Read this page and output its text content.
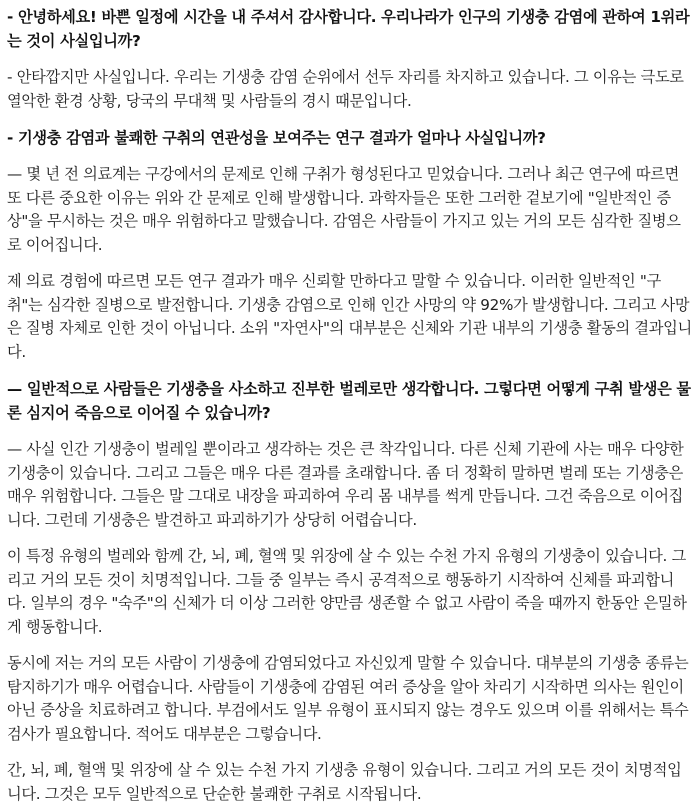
- 안녕하세요! 바쁜 일정에 시간을 내 주셔서 감사합니다. 우리나라가 인구의 기생충 감염에 관하여 1위라는 것이 사실입니까?

- 안타깝지만 사실입니다. 우리는 기생충 감염 순위에서 선두 자리를 차지하고 있습니다. 그 이유는 극도로 열악한 환경 상황, 당국의 무대책 및 사람들의 경시 때문입니다.

- 기생충 감염과 불쾌한 구취의 연관성을 보여주는 연구 결과가 얼마나 사실입니까?

— 몇 년 전 의료계는 구강에서의 문제로 인해 구취가 형성된다고 믿었습니다. 그러나 최근 연구에 따르면 또 다른 중요한 이유는 위와 간 문제로 인해 발생합니다. 과학자들은 또한 그러한 겉보기에 "일반적인 증상"을 무시하는 것은 매우 위험하다고 말했습니다. 감염은 사람들이 가지고 있는 거의 모든 심각한 질병으로 이어집니다.

제 의료 경험에 따르면 모든 연구 결과가 매우 신뢰할 만하다고 말할 수 있습니다. 이러한 일반적인 "구취"는 심각한 질병으로 발전합니다. 기생충 감염으로 인해 인간 사망의 약 92%가 발생합니다. 그리고 사망은 질병 자체로 인한 것이 아닙니다. 소위 "자연사"의 대부분은 신체와 기관 내부의 기생충 활동의 결과입니다.

— 일반적으로 사람들은 기생충을 사소하고 진부한 벌레로만 생각합니다. 그렇다면 어떻게 구취 발생은 물론 심지어 죽음으로 이어질 수 있습니까?

— 사실 인간 기생충이 벌레일 뿐이라고 생각하는 것은 큰 착각입니다. 다른 신체 기관에 사는 매우 다양한 기생충이 있습니다. 그리고 그들은 매우 다른 결과를 초래합니다. 좀 더 정확히 말하면 벌레 또는 기생충은 매우 위험합니다. 그들은 말 그대로 내장을 파괴하여 우리 몸 내부를 썩게 만듭니다. 그건 죽음으로 이어집니다. 그런데 기생충은 발견하고 파괴하기가 상당히 어렵습니다.

이 특정 유형의 벌레와 함께 간, 뇌, 폐, 혈액 및 위장에 살 수 있는 수천 가지 유형의 기생충이 있습니다. 그리고 거의 모든 것이 치명적입니다. 그들 중 일부는 즉시 공격적으로 행동하기 시작하여 신체를 파괴합니다. 일부의 경우 "숙주"의 신체가 더 이상 그러한 양만큼 생존할 수 없고 사람이 죽을 때까지 한동안 은밀하게 행동합니다.

동시에 저는 거의 모든 사람이 기생충에 감염되었다고 자신있게 말할 수 있습니다. 대부분의 기생충 종류는 탐지하기가 매우 어렵습니다. 사람들이 기생충에 감염된 여러 증상을 알아 차리기 시작하면 의사는 원인이 아닌 증상을 치료하려고 합니다. 부검에서도 일부 유형이 표시되지 않는 경우도 있으며 이를 위해서는 특수 검사가 필요합니다. 적어도 대부분은 그렇습니다.

간, 뇌, 폐, 혈액 및 위장에 살 수 있는 수천 가지 기생충 유형이 있습니다. 그리고 거의 모든 것이 치명적입니다. 그것은 모두 일반적으로 단순한 불쾌한 구취로 시작됩니다.
